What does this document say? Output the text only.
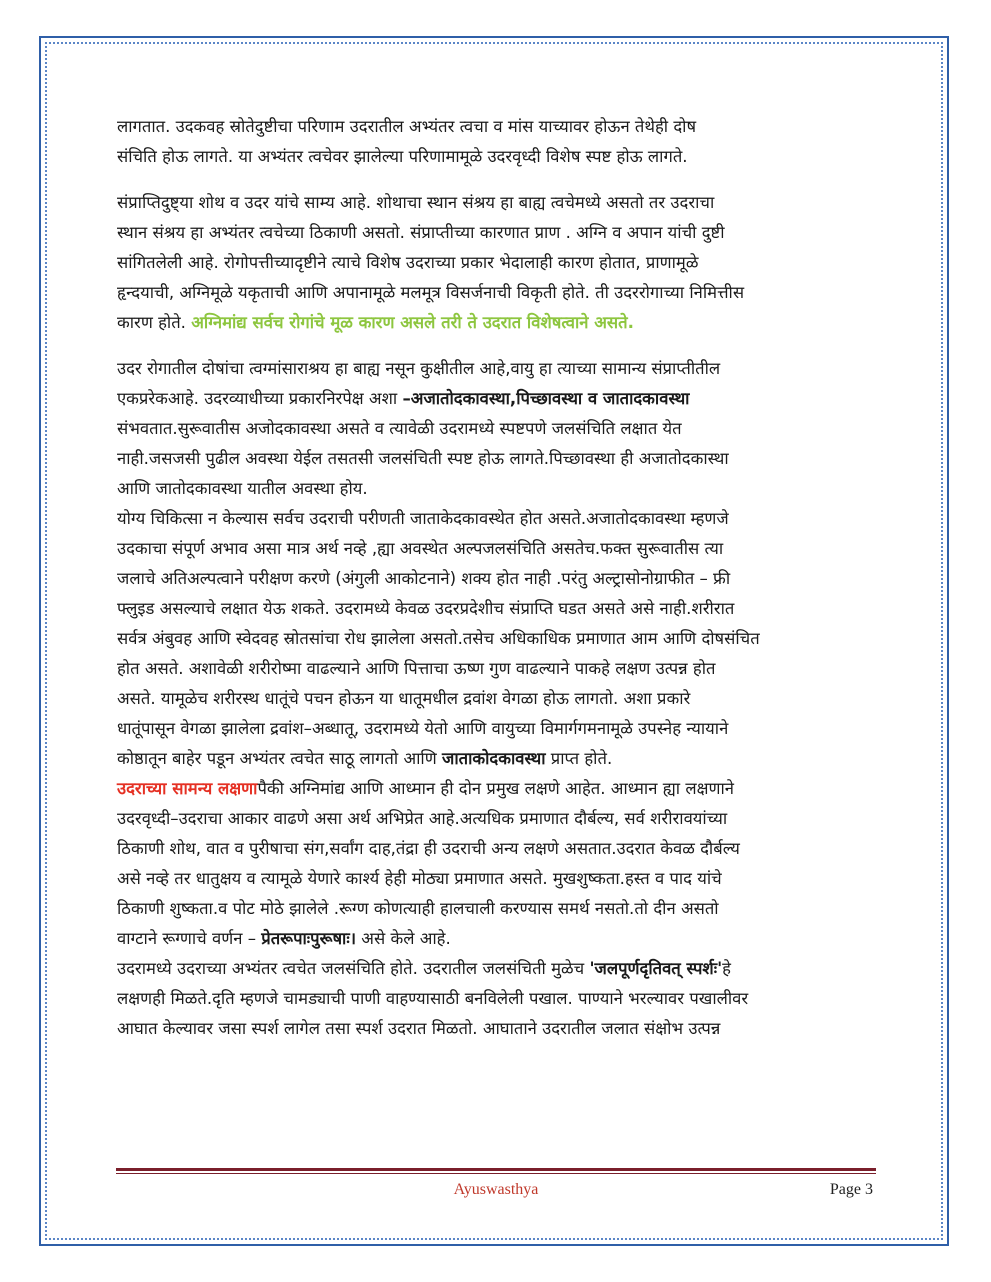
लागतात. उदकवह स्रोतेदुष्टीचा परिणाम उदरातील अभ्यंतर त्वचा व मांस याच्यावर होऊन तेथेही दोष
संचिति होऊ लागते. या अभ्यंतर त्वचेवर झालेल्या परिणामामूळे उदरवृध्दी विशेष स्पष्ट होऊ लागते.

संप्राप्तिदुष्ट्या शोथ व उदर यांचे साम्य आहे. शोथाचा स्थान संश्रय हा बाह्य त्वचेमध्ये असतो तर उदराचा
स्थान संश्रय हा अभ्यंतर त्वचेच्या ठिकाणी असतो. संप्राप्तीच्या कारणात प्राण . अग्नि व अपान यांची दुष्टी
सांगितलेली आहे. रोगोपत्तीच्यादृष्टीने त्याचे विशेष उदराच्या प्रकार भेदालाही कारण होतात, प्राणामूळे
हृन्दयाची, अग्निमूळे यकृताची आणि अपानामूळे मलमूत्र विसर्जनाची विकृती होते. ती उदररोगाच्या निमित्तीस
कारण होते. अग्निमांद्य सर्वच रोगांचे मूळ कारण असले तरी ते उदरात विशेषत्वाने असते.

उदर रोगातील दोषांचा त्वग्मांसाराश्रय हा बाह्य नसून कुक्षीतील आहे,वायु हा त्याच्या सामान्य संप्राप्तीतील
एकप्ररेकआहे. उदरव्याधीच्या प्रकारनिरपेक्ष अशा –अजातोदकावस्था,पिच्छावस्था व जातादकावस्था
संभवतात.सुरूवातीस अजोदकावस्था असते व त्यावेळी उदरामध्ये स्पष्टपणे जलसंचिति लक्षात येत
नाही.जसजसी पुढील अवस्था येईल तसतसी जलसंचिती स्पष्ट होऊ लागते.पिच्छावस्था ही अजातोदकास्था
आणि जातोदकावस्था यातील अवस्था होय.

योग्य चिकित्सा न केल्यास सर्वच उदराची परीणती जाताकेदकावस्थेत होत असते.अजातोदकावस्था म्हणजे
उदकाचा संपूर्ण अभाव असा मात्र अर्थ नव्हे ,ह्या अवस्थेत अल्पजलसंचिति असतेच.फक्त सुरूवातीस त्या
जलाचे अतिअल्पत्वाने परीक्षण करणे (अंगुली आकोटनाने) शक्य होत नाही .परंतु अल्ट्रासोनोग्राफीत – फ्री
फ्लुइड असल्याचे लक्षात येऊ शकते. उदरामध्ये केवळ उदरप्रदेशीच संप्राप्ति घडत असते असे नाही.शरीरात
सर्वत्र अंबुवह आणि स्वेदवह स्रोतसांचा रोध झालेला असतो.तसेच अधिकाधिक प्रमाणात आम आणि दोषसंचित
होत असते. अशावेळी शरीरोष्मा वाढल्याने आणि पित्ताचा ऊष्ण गुण वाढल्याने पाकहे लक्षण उत्पन्न होत
असते. यामूळेच शरीरस्थ धातूंचे पचन होऊन या धातूमधील द्रवांश वेगळा होऊ लागतो. अशा प्रकारे
धातूंपासून वेगळा झालेला द्रवांश–अब्धातू, उदरामध्ये येतो आणि वायुच्या विमार्गगमनामूळे उपस्नेह न्यायाने
कोष्ठातून बाहेर पडून अभ्यंतर त्वचेत साठू लागतो आणि जाताकोदकावस्था प्राप्त होते.

उदराच्या सामन्य लक्षणापैकी अग्निमांद्य आणि आध्मान ही दोन प्रमुख लक्षणे आहेत. आध्मान ह्या लक्षणाने
उदरवृध्दी–उदराचा आकार वाढणे असा अर्थ अभिप्रेत आहे.अत्यधिक प्रमाणात दौर्बल्य, सर्व शरीरावयांच्या
ठिकाणी शोथ, वात व पुरीषाचा संग,सर्वांग दाह,तंद्रा ही उदराची अन्य लक्षणे असतात.उदरात केवळ दौर्बल्य
असे नव्हे तर धातुक्षय व त्यामूळे येणारे कार्श्य हेही मोठ्या प्रमाणात असते. मुखशुष्कता.हस्त व पाद यांचे
ठिकाणी शुष्कता.व पोट मोठे झालेले .रूग्ण कोणत्याही हालचाली करण्यास समर्थ नसतो.तो दीन असतो
वाग्टाने रूग्णाचे वर्णन – प्रेतरूपाःपुरूषाः। असे केले आहे.

उदरामध्ये उदराच्या अभ्यंतर त्वचेत जलसंचिति होते. उदरातील जलसंचिती मुळेच 'जलपूर्णदृतिवत् स्पर्शः'हे
लक्षणही मिळते.दृति म्हणजे चामड्याची पाणी वाहण्यासाठी बनविलेली पखाल. पाण्याने भरल्यावर पखालीवर
आघात केल्यावर जसा स्पर्श लागेल तसा स्पर्श उदरात मिळतो. आघाताने उदरातील जलात संक्षोभ उत्पन्न

Ayuswasthya	Page 3
